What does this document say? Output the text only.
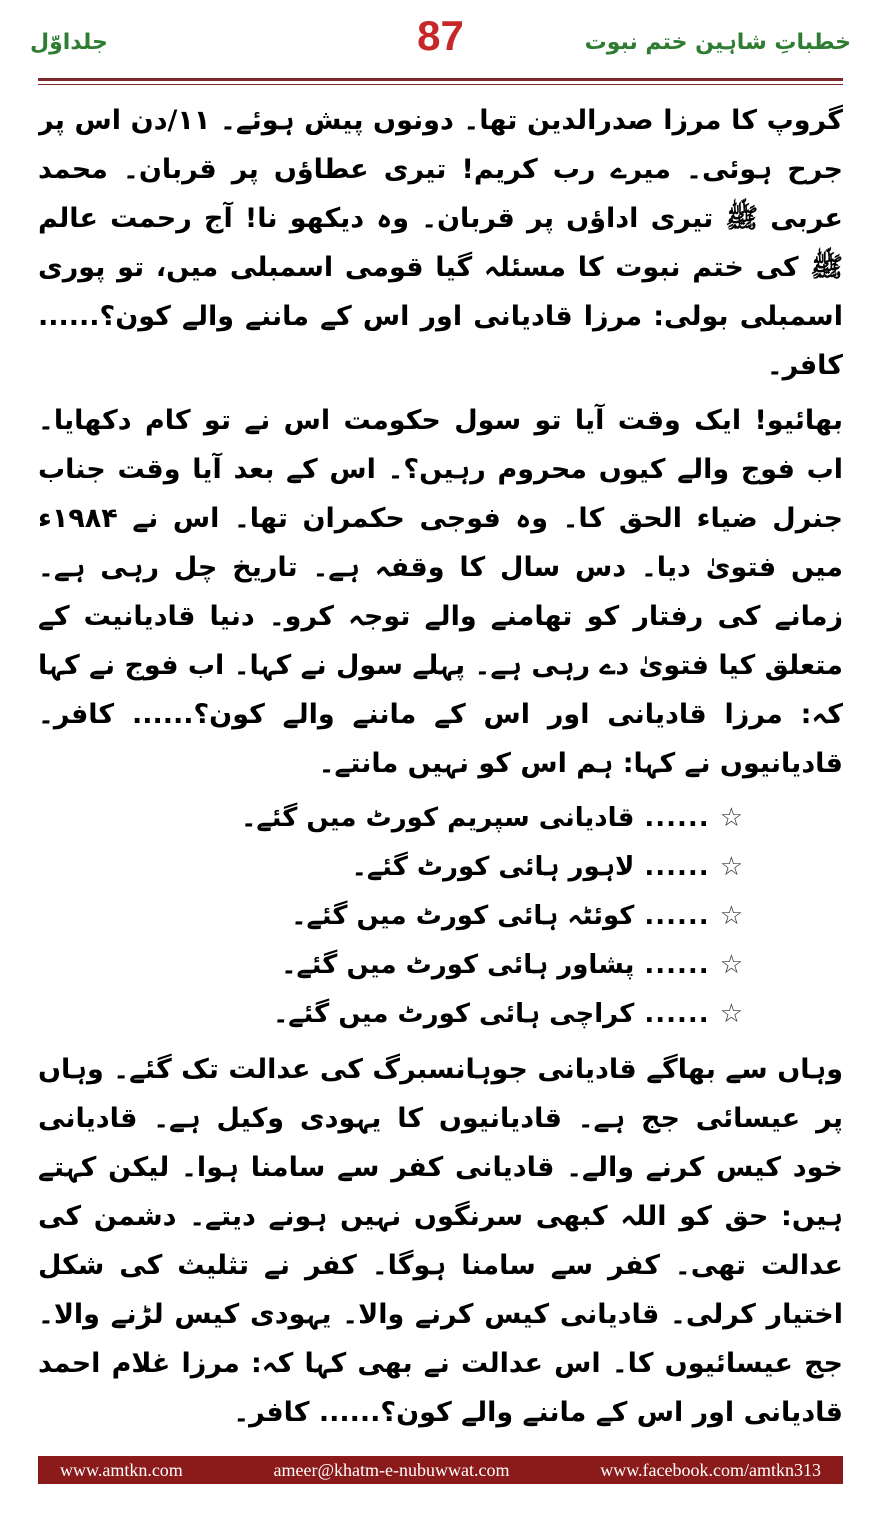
جلداوّل	87	خطباتِ شاہین ختم نبوت

گروپ کا مرزا صدرالدین تھا۔ دونوں پیش ہوئے۔ ۱۱/دن اس پر جرح ہوئی۔ میرے رب کریم! تیری عطاؤں پر قربان۔ محمد عربی ﷺ تیری اداؤں پر قربان۔ وہ دیکھو نا! آج رحمت عالم ﷺ کی ختم نبوت کا مسئلہ گیا قومی اسمبلی میں، تو پوری اسمبلی بولی: مرزا قادیانی اور اس کے ماننے والے کون؟...... کافر۔

بھائیو! ایک وقت آیا تو سول حکومت اس نے تو کام دکھایا۔ اب فوج والے کیوں محروم رہیں؟۔ اس کے بعد آیا وقت جناب جنرل ضیاء الحق کا۔ وہ فوجی حکمران تھا۔ اس نے ۱۹۸۴ء میں فتویٰ دیا۔ دس سال کا وقفہ ہے۔ تاریخ چل رہی ہے۔ زمانے کی رفتار کو تھامنے والے توجہ کرو۔ دنیا قادیانیت کے متعلق کیا فتویٰ دے رہی ہے۔ پہلے سول نے کہا۔ اب فوج نے کہا کہ: مرزا قادیانی اور اس کے ماننے والے کون؟...... کافر۔ قادیانیوں نے کہا: ہم اس کو نہیں مانتے۔

☆
......
قادیانی سپریم کورٹ میں گئے۔
☆
......
لاہور ہائی کورٹ گئے۔
☆
......
کوئٹہ ہائی کورٹ میں گئے۔
☆
......
پشاور ہائی کورٹ میں گئے۔
☆
......
کراچی ہائی کورٹ میں گئے۔

وہاں سے بھاگے قادیانی جوہانسبرگ کی عدالت تک گئے۔ وہاں پر عیسائی جج ہے۔ قادیانیوں کا یہودی وکیل ہے۔ قادیانی خود کیس کرنے والے۔ قادیانی کفر سے سامنا ہوا۔ لیکن کہتے ہیں: حق کو اللہ کبھی سرنگوں نہیں ہونے دیتے۔ دشمن کی عدالت تھی۔ کفر سے سامنا ہوگا۔ کفر نے تثلیث کی شکل اختیار کرلی۔ قادیانی کیس کرنے والا۔ یہودی کیس لڑنے والا۔ جج عیسائیوں کا۔ اس عدالت نے بھی کہا کہ: مرزا غلام احمد قادیانی اور اس کے ماننے والے کون؟...... کافر۔

www.amtkn.com	ameer@khatm-e-nubuwwat.com	www.facebook.com/amtkn313
